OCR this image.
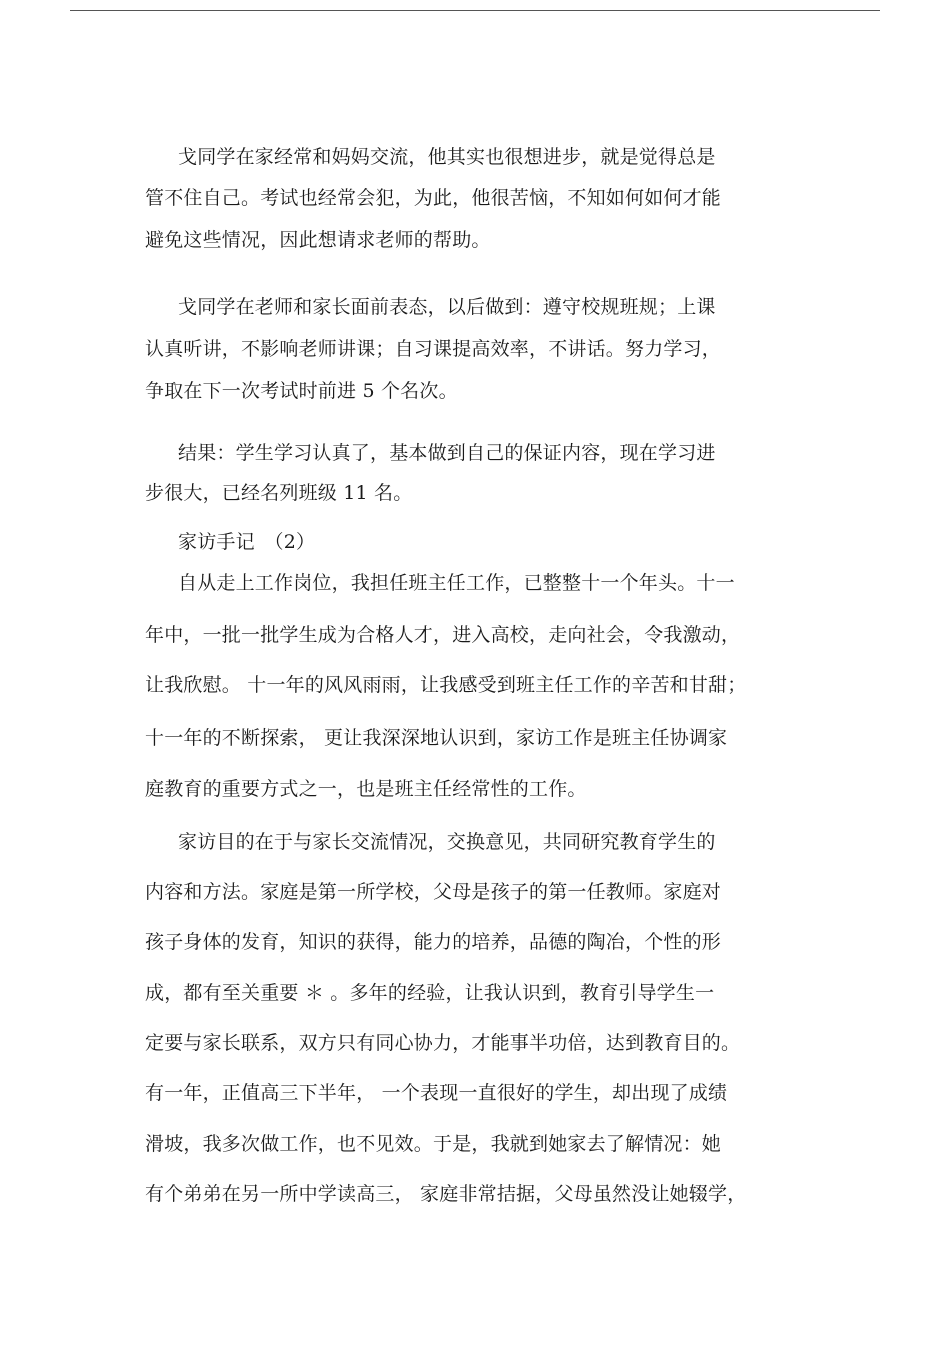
戈同学在家经常和妈妈交流，他其实也很想进步，就是觉得总是

管不住自己。考试也经常会犯，为此，他很苦恼，不知如何如何才能

避免这些情况，因此想请求老师的帮助。

戈同学在老师和家长面前表态，以后做到：遵守校规班规；上课

认真听讲，不影响老师讲课；自习课提高效率，不讲话。努力学习，

争取在下一次考试时前进 5 个名次。

结果：学生学习认真了，基本做到自己的保证内容，现在学习进

步很大，已经名列班级 11 名。

家访手记　（2）

自从走上工作岗位，我担任班主任工作，已整整十一个年头。十一

年中，一批一批学生成为合格人才，进入高校，走向社会，令我激动，

让我欣慰。 十一年的风风雨雨，让我感受到班主任工作的辛苦和甘甜；

十一年的不断探索， 更让我深深地认识到，家访工作是班主任协调家

庭教育的重要方式之一，也是班主任经常性的工作。

家访目的在于与家长交流情况，交换意见，共同研究教育学生的

内容和方法。家庭是第一所学校，父母是孩子的第一任教师。家庭对

孩子身体的发育，知识的获得，能力的培养，品德的陶冶，个性的形

成，都有至关重要 ＊ 。多年的经验，让我认识到，教育引导学生一

定要与家长联系，双方只有同心协力，才能事半功倍，达到教育目的。

有一年，正值高三下半年， 一个表现一直很好的学生，却出现了成绩

滑坡，我多次做工作，也不见效。于是，我就到她家去了解情况：她

有个弟弟在另一所中学读高三， 家庭非常拮据，父母虽然没让她辍学，
